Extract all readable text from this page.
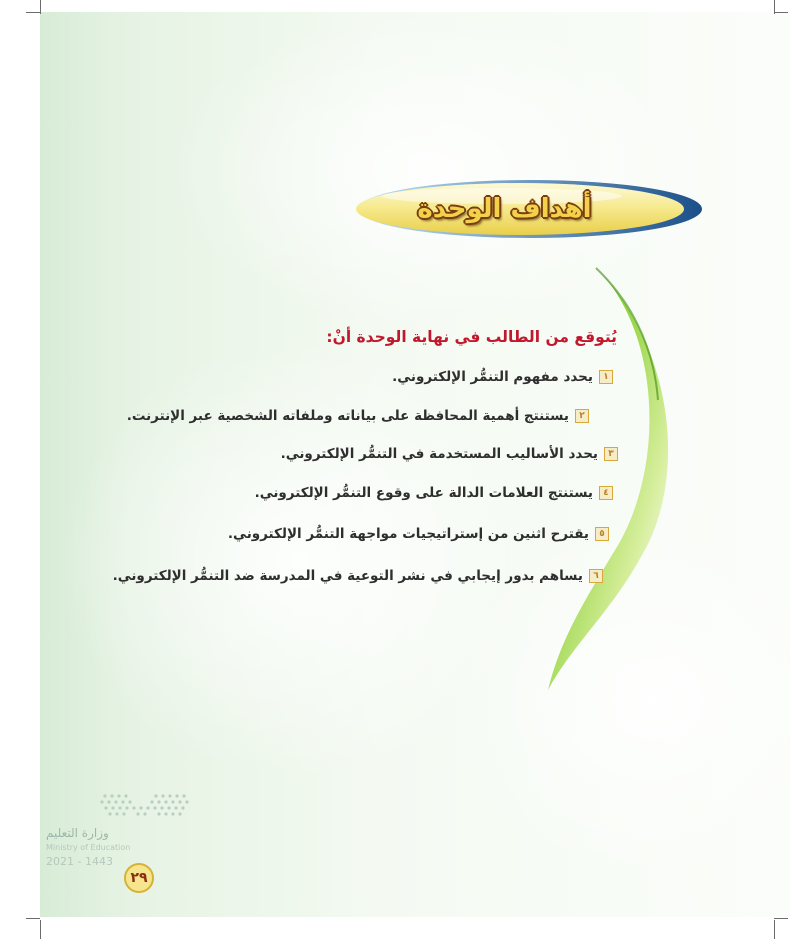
أهداف الوحدة
يُتوقع من الطالب في نهاية الوحدة أنْ:
١
يحدد مفهوم التنمُّر الإلكتروني.
٢
يستنتج أهمية المحافظة على بياناته وملفاته الشخصية عبر الإنترنت.
٣
يحدد الأساليب المستخدمة في التنمُّر الإلكتروني.
٤
يستنتج العلامات الدالة على وقوع التنمُّر الإلكتروني.
٥
يقترح اثنين من إستراتيجيات مواجهة التنمُّر الإلكتروني.
٦
يساهم بدور إيجابي في نشر التوعية في المدرسة ضد التنمُّر الإلكتروني.
وزارة التعليم
Ministry of Education
2021 - 1443
٢٩
